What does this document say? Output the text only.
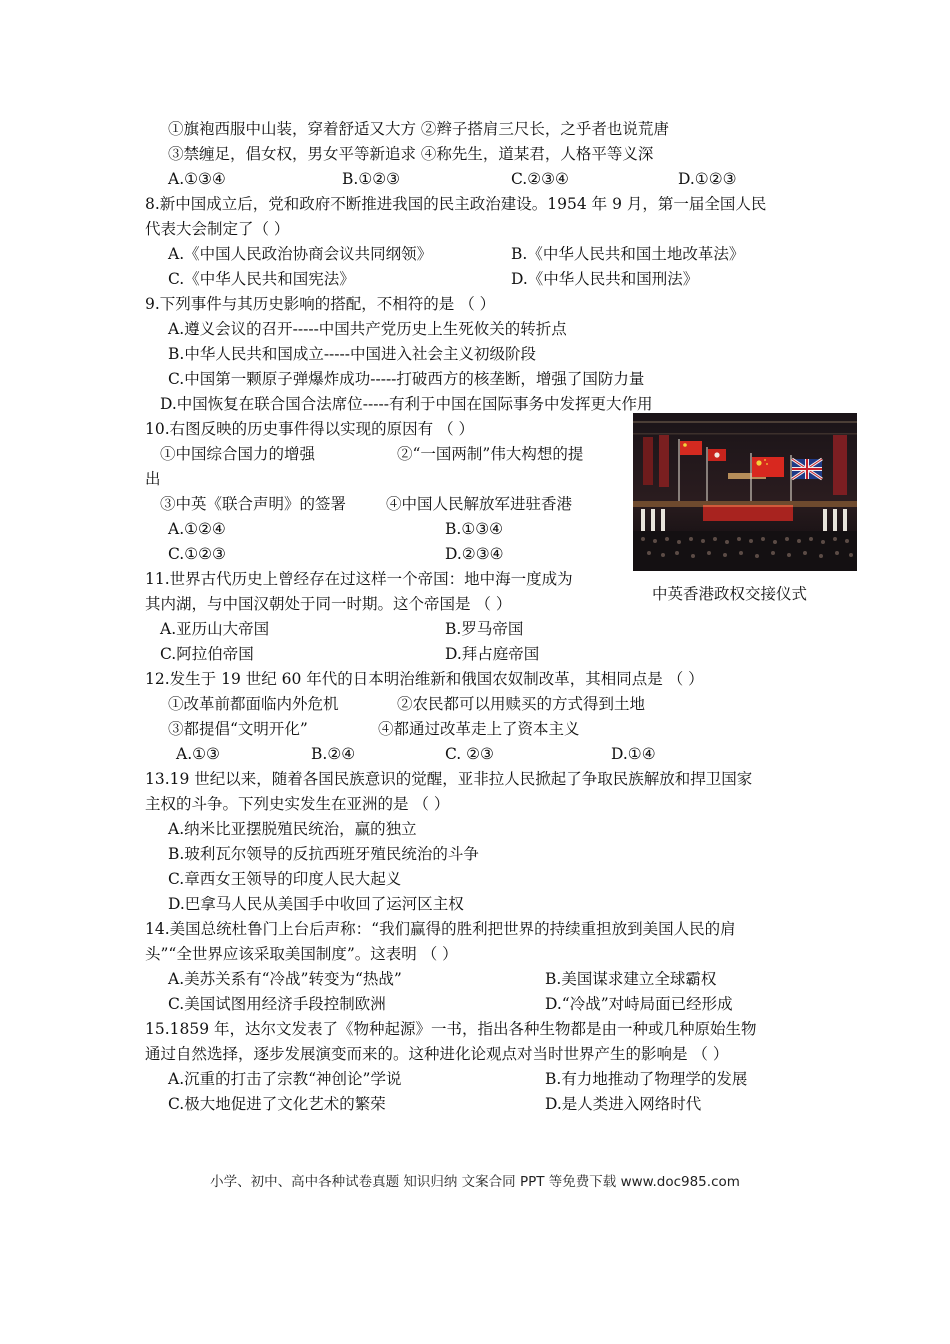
①旗袍西服中山装，穿着舒适又大方 ②辫子搭肩三尺长，之乎者也说荒唐
③禁缠足，倡女权，男女平等新追求 ④称先生，道某君，人格平等义深
A.①③④	B.①②③	C.②③④	D.①②③
8.新中国成立后，党和政府不断推进我国的民主政治建设。1954 年 9 月，第一届全国人民
代表大会制定了（ ）
A.《中国人民政治协商会议共同纲领》	B.《中华人民共和国土地改革法》
C.《中华人民共和国宪法》	D.《中华人民共和国刑法》
9.下列事件与其历史影响的搭配，不相符的是 （ ）
A.遵义会议的召开-----中国共产党历史上生死攸关的转折点
B.中华人民共和国成立-----中国进入社会主义初级阶段
C.中国第一颗原子弹爆炸成功-----打破西方的核垄断，增强了国防力量
D.中国恢复在联合国合法席位-----有利于中国在国际事务中发挥更大作用
10.右图反映的历史事件得以实现的原因有 （ ）
①中国综合国力的增强	②“一国两制”伟大构想的提
出
③中英《联合声明》的签署	④中国人民解放军进驻香港
A.①②④	B.①③④
C.①②③	D.②③④
中英香港政权交接仪式
11.世界古代历史上曾经存在过这样一个帝国：地中海一度成为
其内湖，与中国汉朝处于同一时期。这个帝国是 （ ）
A.亚历山大帝国	B.罗马帝国
C.阿拉伯帝国	D.拜占庭帝国
12.发生于 19 世纪 60 年代的日本明治维新和俄国农奴制改革，其相同点是 （ ）
①改革前都面临内外危机	②农民都可以用赎买的方式得到土地
③都提倡“文明开化”	④都通过改革走上了资本主义
A.①③	B.②④	C. ②③	D.①④
13.19 世纪以来，随着各国民族意识的觉醒，亚非拉人民掀起了争取民族解放和捍卫国家
主权的斗争。下列史实发生在亚洲的是 （ ）
A.纳米比亚摆脱殖民统治，赢的独立
B.玻利瓦尔领导的反抗西班牙殖民统治的斗争
C.章西女王领导的印度人民大起义
D.巴拿马人民从美国手中收回了运河区主权
14.美国总统杜鲁门上台后声称：“我们赢得的胜利把世界的持续重担放到美国人民的肩
头”“全世界应该采取美国制度”。这表明 （ ）
A.美苏关系有“冷战”转变为“热战”	B.美国谋求建立全球霸权
C.美国试图用经济手段控制欧洲	D.“冷战”对峙局面已经形成
15.1859 年，达尔文发表了《物种起源》一书，指出各种生物都是由一种或几种原始生物
通过自然选择，逐步发展演变而来的。这种进化论观点对当时世界产生的影响是 （ ）
A.沉重的打击了宗教“神创论”学说	B.有力地推动了物理学的发展
C.极大地促进了文化艺术的繁荣	D.是人类进入网络时代
小学、初中、高中各种试卷真题 知识归纳 文案合同 PPT 等免费下载 www.doc985.com
